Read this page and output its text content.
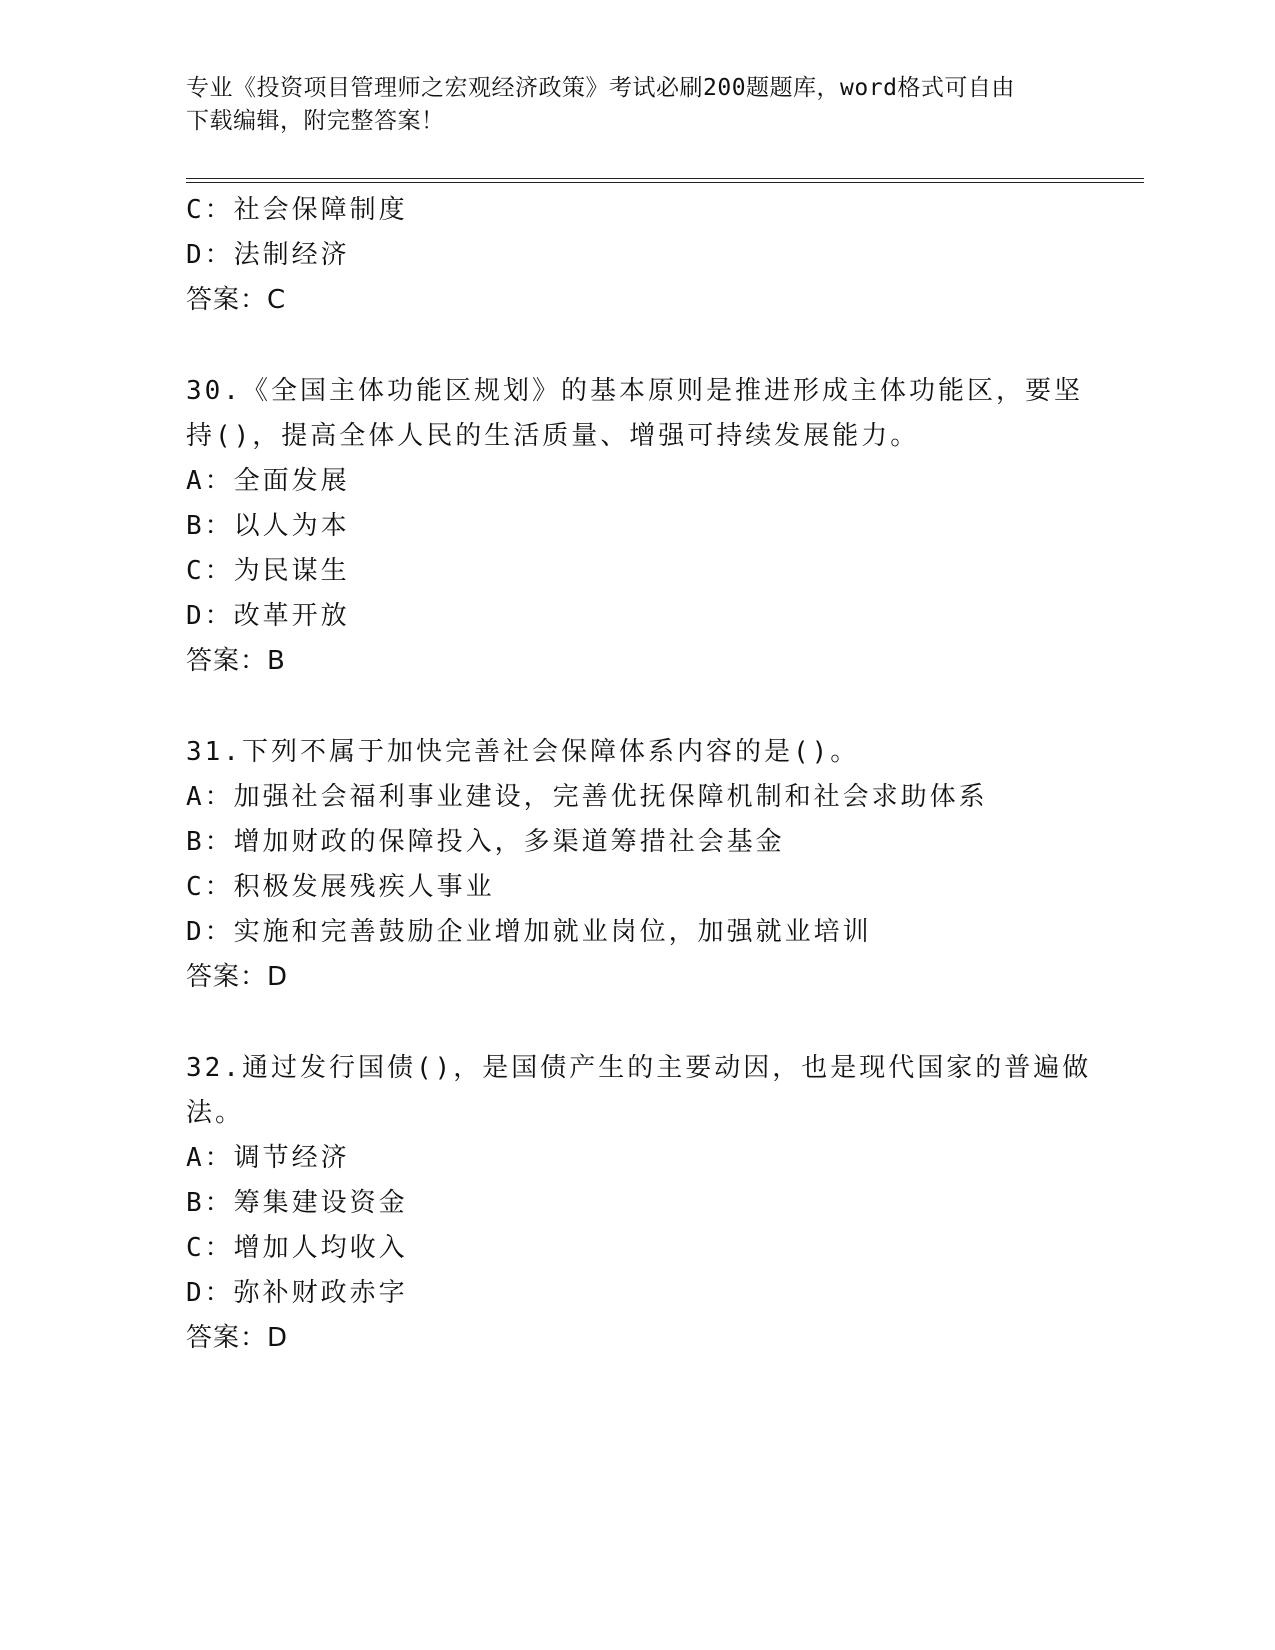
专业《投资项目管理师之宏观经济政策》考试必刷200题题库，word格式可自由
下载编辑，附完整答案！
C：社会保障制度
D：法制经济
答案：C
30.《全国主体功能区规划》的基本原则是推进形成主体功能区，要坚
持()，提高全体人民的生活质量、增强可持续发展能力。
A：全面发展
B：以人为本
C：为民谋生
D：改革开放
答案：B
31.下列不属于加快完善社会保障体系内容的是()。
A：加强社会福利事业建设，完善优抚保障机制和社会求助体系
B：增加财政的保障投入，多渠道筹措社会基金
C：积极发展残疾人事业
D：实施和完善鼓励企业增加就业岗位，加强就业培训
答案：D
32.通过发行国债()，是国债产生的主要动因，也是现代国家的普遍做
法。
A：调节经济
B：筹集建设资金
C：增加人均收入
D：弥补财政赤字
答案：D
